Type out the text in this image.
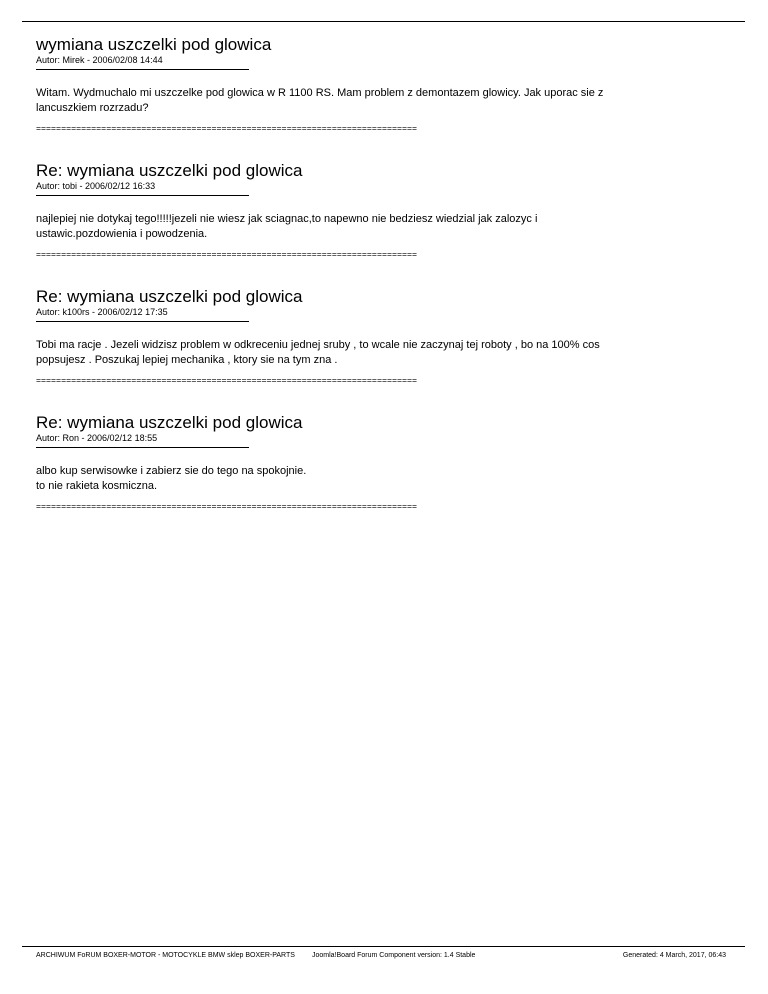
wymiana uszczelki pod glowica
Autor: Mirek - 2006/02/08 14:44
Witam. Wydmuchalo mi uszczelke pod glowica w R 1100 RS. Mam problem z demontazem glowicy. Jak uporac sie z
lancuszkiem rozrzadu?
============================================================================
Re: wymiana uszczelki pod glowica
Autor: tobi - 2006/02/12 16:33
najlepiej nie dotykaj tego!!!!!jezeli nie wiesz jak sciagnac,to napewno nie bedziesz wiedzial jak zalozyc i
ustawic.pozdowienia i powodzenia.
============================================================================
Re: wymiana uszczelki pod glowica
Autor: k100rs - 2006/02/12 17:35
Tobi ma racje . Jezeli widzisz problem w odkreceniu jednej sruby , to wcale nie zaczynaj tej roboty , bo na 100% cos
popsujesz . Poszukaj lepiej mechanika , ktory sie na tym zna .
============================================================================
Re: wymiana uszczelki pod glowica
Autor: Ron - 2006/02/12 18:55
albo kup serwisowke i zabierz sie do tego na spokojnie.
to nie rakieta kosmiczna.
============================================================================
ARCHIWUM FoRUM BOXER-MOTOR - MOTOCYKLE BMW sklep BOXER-PARTS Joomla!Board Forum Component version: 1.4 Stable	Generated: 4 March, 2017, 06:43
